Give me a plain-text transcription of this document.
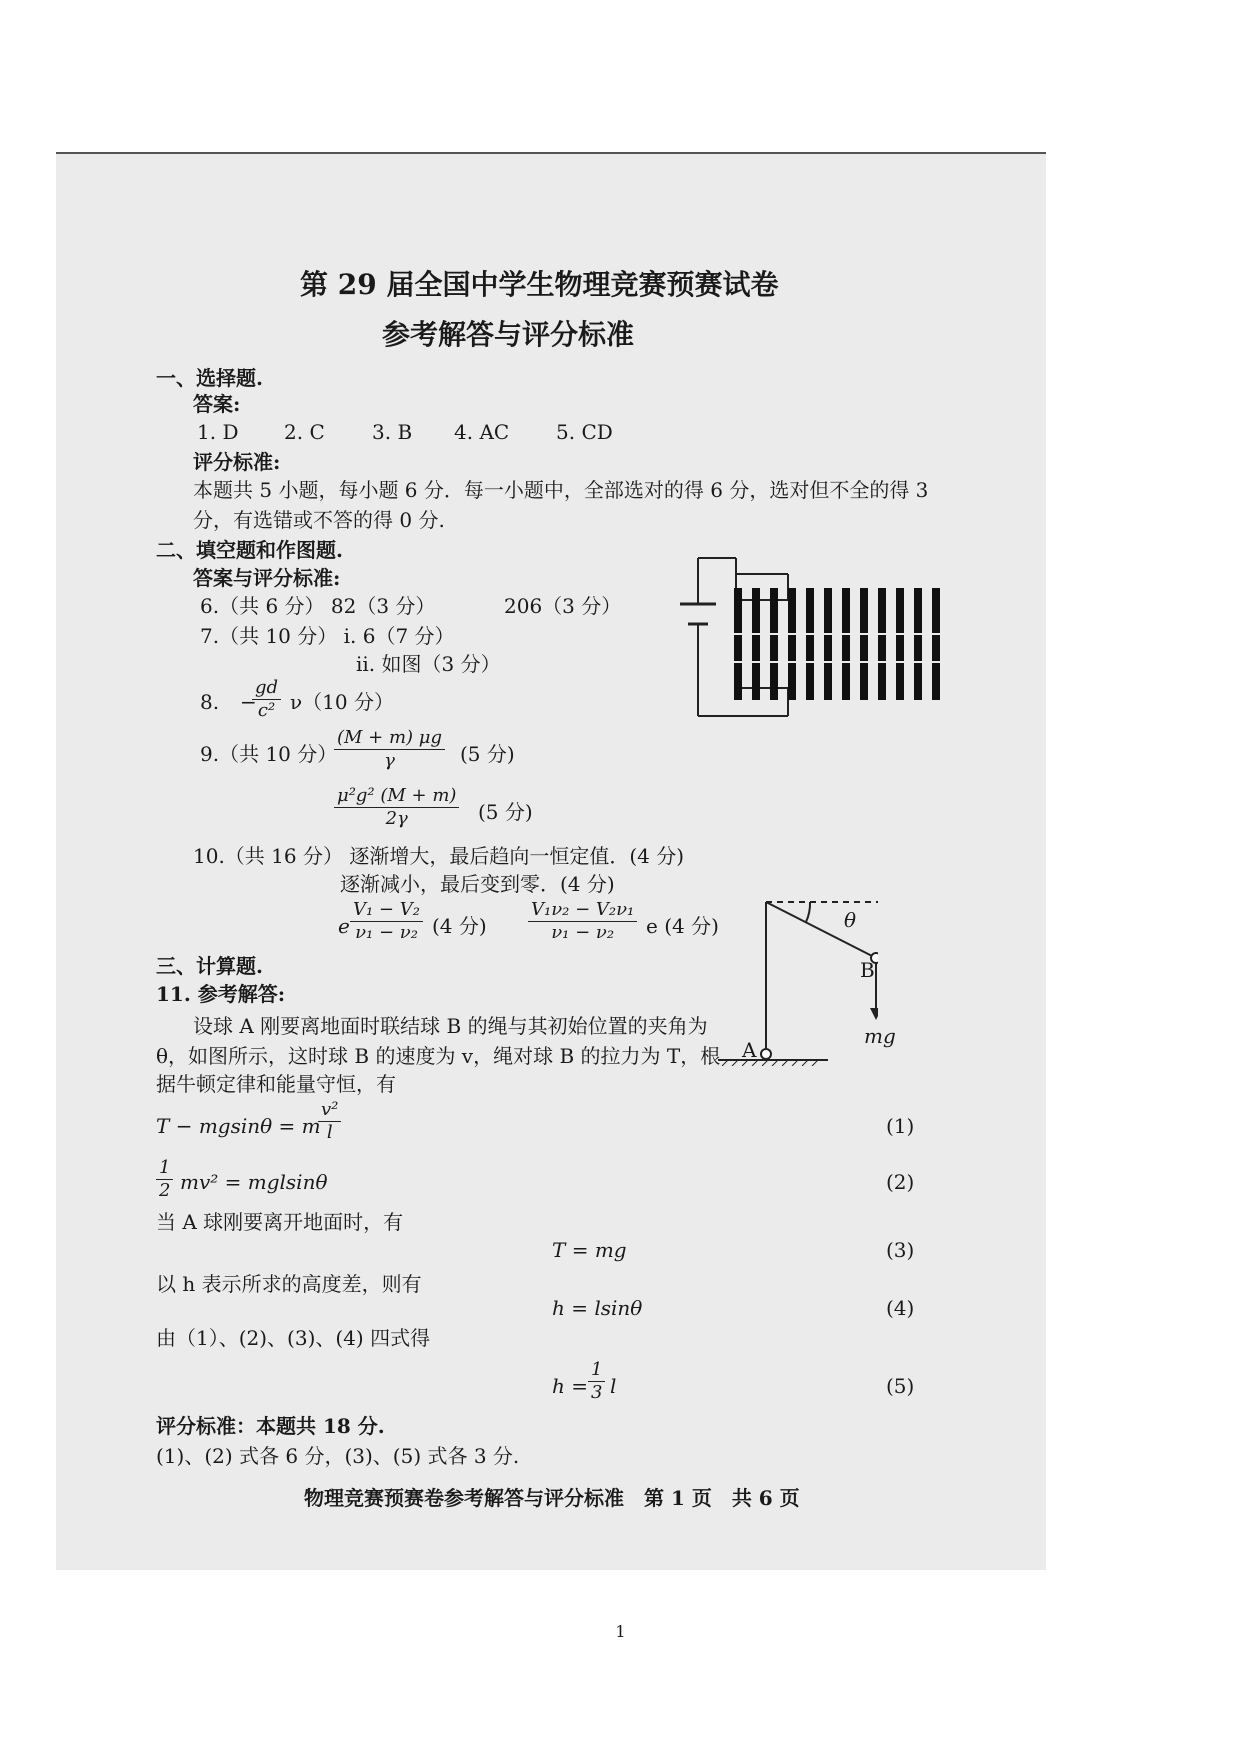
第 29 届全国中学生物理竞赛预赛试卷
参考解答与评分标准
一、选择题.
答案:
1. D 2. C 3. B 4. AC 5. CD
评分标准:
本题共 5 小题，每小题 6 分．每一小题中，全部选对的得 6 分，选对但不全的得 3
分，有选错或不答的得 0 分.
二、填空题和作图题.
答案与评分标准:
6.（共 6 分） 82（3 分）	206（3 分）
7.（共 10 分） i. 6（7 分）
ii. 如图（3 分）
8. −
$\frac{gd}{\text{c²}} \nu(10$ 分）
9.（共 10 分）
$\frac{(M + m) \mu g}{\gamma} (5$ 分)
$\frac{\text{μ²g² (M + m)}}{2\gamma} (5$ 分)
10.（共 16 分） 逐渐增大，最后趋向一恒定值．(4 分)
逐渐减小，最后变到零．(4 分)
e $\frac{\text{V₁ − V₂}}{\text{ν₁ − ν₂}} (4$ 分) $\frac{\text{V₁ν₂ − V₂ν₁}}{\text{ν₁ − ν₂}}$ e (4 分)	θ
B
mg
A
三、计算题.
11. 参考解答:
设球 A 刚要离地面时联结球 B 的绳与其初始位置的夹角为
θ，如图所示，这时球 B 的速度为 v，绳对球 B 的拉力为 T，根
据牛顿定律和能量守恒，有
T − mgsinθ = m
$\frac{\text{v²}}{l}$	(1)
$\frac{1}{2} mv^2 = mglsin\theta$	(2)
当 A 球刚要离开地面时，有
T = mg	(3)
以 h 表示所求的高度差，则有
h = lsinθ	(4)
由（1）、(2)、(3)、(4) 四式得
$h = \frac{1}{3}$ l	(5)
评分标准：本题共 18 分.
(1)、(2) 式各 6 分，(3)、(5) 式各 3 分.
物理竞赛预赛卷参考解答与评分标准　第 1 页　共 6 页
1
